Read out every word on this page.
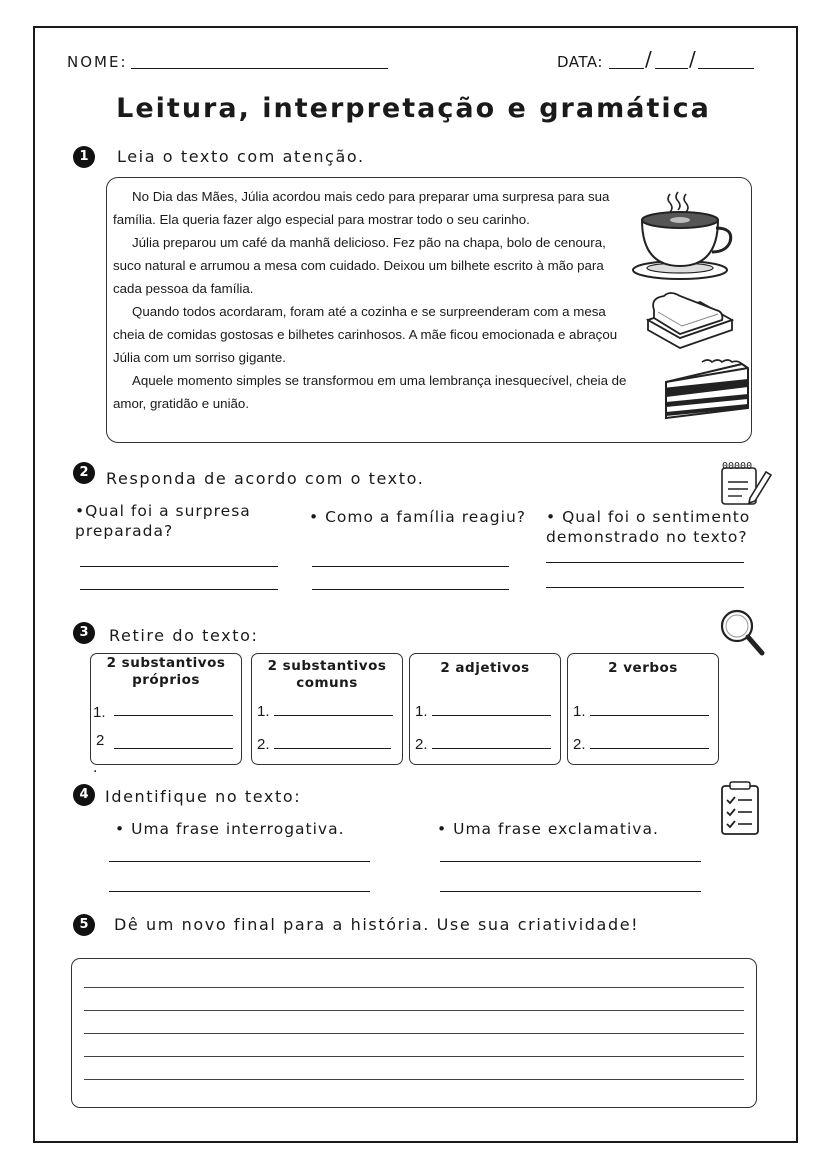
NOME:	DATA: / /
Leitura, interpretação e gramática
1	Leia o texto com atenção.

No Dia das Mães, Júlia acordou mais cedo para preparar uma surpresa para sua família. Ela queria fazer algo especial para mostrar todo o seu carinho.

Júlia preparou um café da manhã delicioso. Fez pão na chapa, bolo de cenoura,

suco natural e arrumou a mesa com cuidado. Deixou um bilhete escrito à mão para cada pessoa da família.

Quando todos acordaram, foram até a cozinha e se surpreenderam com a mesa cheia de comidas gostosas e bilhetes carinhosos. A mãe ficou emocionada e abraçou Júlia com um sorriso gigante.

Aquele momento simples se transformou em uma lembrança inesquecível, cheia de amor, gratidão e união.

2	Responda de acordo com o texto.
00000
•Qual foi a surpresa preparada?
• Como a família reagiu?	• Qual foi o sentimento demonstrado no texto?
3	Retire do texto:
2 substantivos próprios
1.
2
2 substantivos comuns
1.
2.
2 adjetivos
1.
2.
2 verbos
1.
2.
.
4	Identifique no texto:
• Uma frase interrogativa.	• Uma frase exclamativa.
5	Dê um novo final para a história. Use sua criatividade!
